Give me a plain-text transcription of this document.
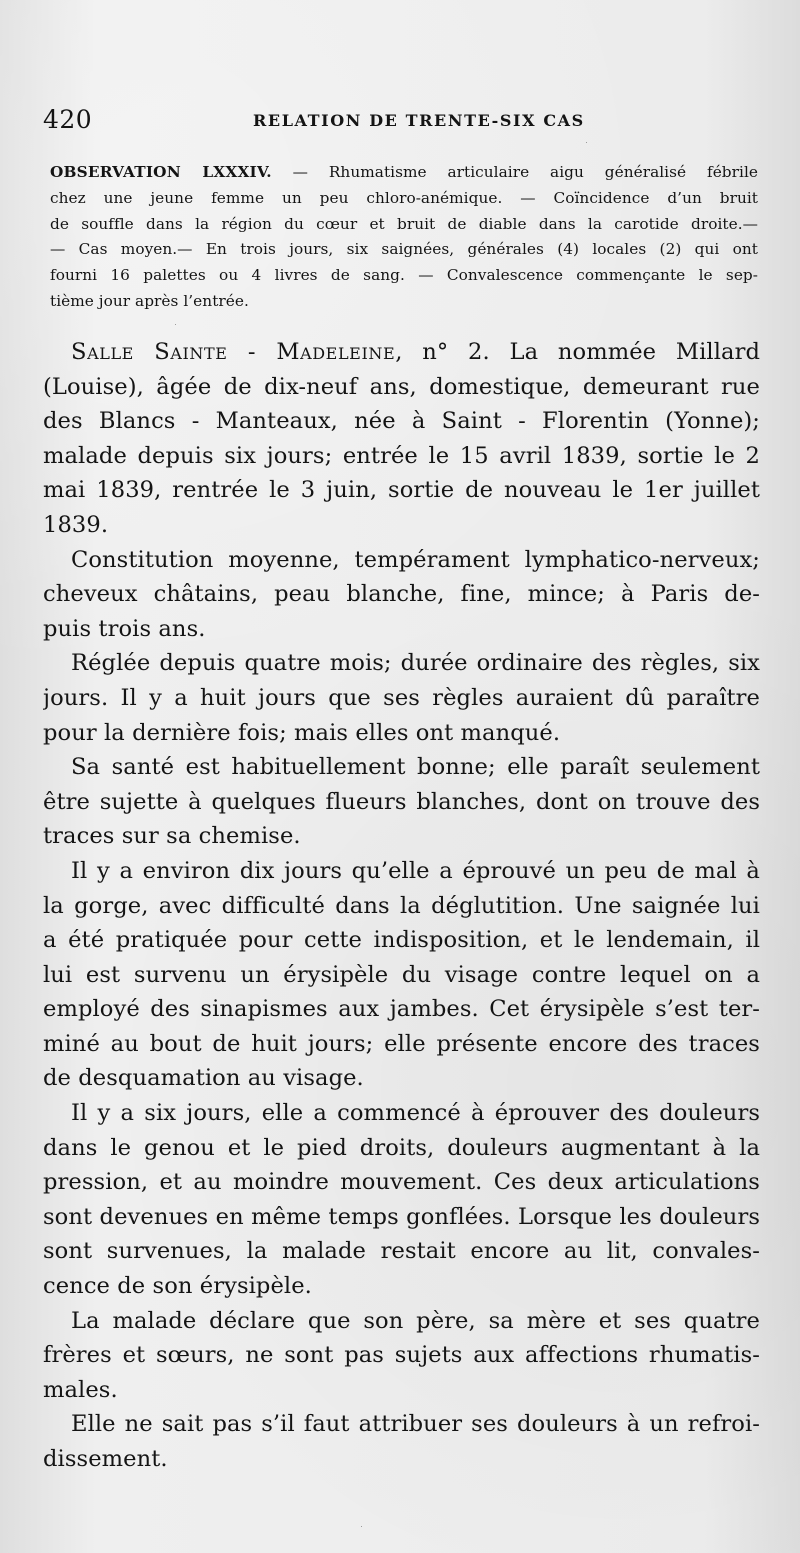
420	RELATION DE TRENTE-SIX CAS
OBSERVATION LXXXIV. — Rhumatisme articulaire aigu généralisé fébrile
chez une jeune femme un peu chloro-anémique. — Coïncidence d’un bruit
de souffle dans la région du cœur et bruit de diable dans la carotide droite.—
— Cas moyen.— En trois jours, six saignées, générales (4) locales (2) qui ont
fourni 16 palettes ou 4 livres de sang. — Convalescence commençante le sep-
tième jour après l’entrée.
Salle Sainte - Madeleine, n° 2. La nommée Millard
(Louise), âgée de dix-neuf ans, domestique, demeurant rue
des Blancs - Manteaux, née à Saint - Florentin (Yonne);
malade depuis six jours; entrée le 15 avril 1839, sortie le 2
mai 1839, rentrée le 3 juin, sortie de nouveau le 1er juillet
1839.
Constitution moyenne, tempérament lymphatico-nerveux;
cheveux châtains, peau blanche, fine, mince; à Paris de-
puis trois ans.
Réglée depuis quatre mois; durée ordinaire des règles, six
jours. Il y a huit jours que ses règles auraient dû paraître
pour la dernière fois; mais elles ont manqué.
Sa santé est habituellement bonne; elle paraît seulement
être sujette à quelques flueurs blanches, dont on trouve des
traces sur sa chemise.
Il y a environ dix jours qu’elle a éprouvé un peu de mal à
la gorge, avec difficulté dans la déglutition. Une saignée lui
a été pratiquée pour cette indisposition, et le lendemain, il
lui est survenu un érysipèle du visage contre lequel on a
employé des sinapismes aux jambes. Cet érysipèle s’est ter-
miné au bout de huit jours; elle présente encore des traces
de desquamation au visage.
Il y a six jours, elle a commencé à éprouver des douleurs
dans le genou et le pied droits, douleurs augmentant à la
pression, et au moindre mouvement. Ces deux articulations
sont devenues en même temps gonflées. Lorsque les douleurs
sont survenues, la malade restait encore au lit, convales-
cence de son érysipèle.
La malade déclare que son père, sa mère et ses quatre
frères et sœurs, ne sont pas sujets aux affections rhumatis-
males.
Elle ne sait pas s’il faut attribuer ses douleurs à un refroi-
dissement.
